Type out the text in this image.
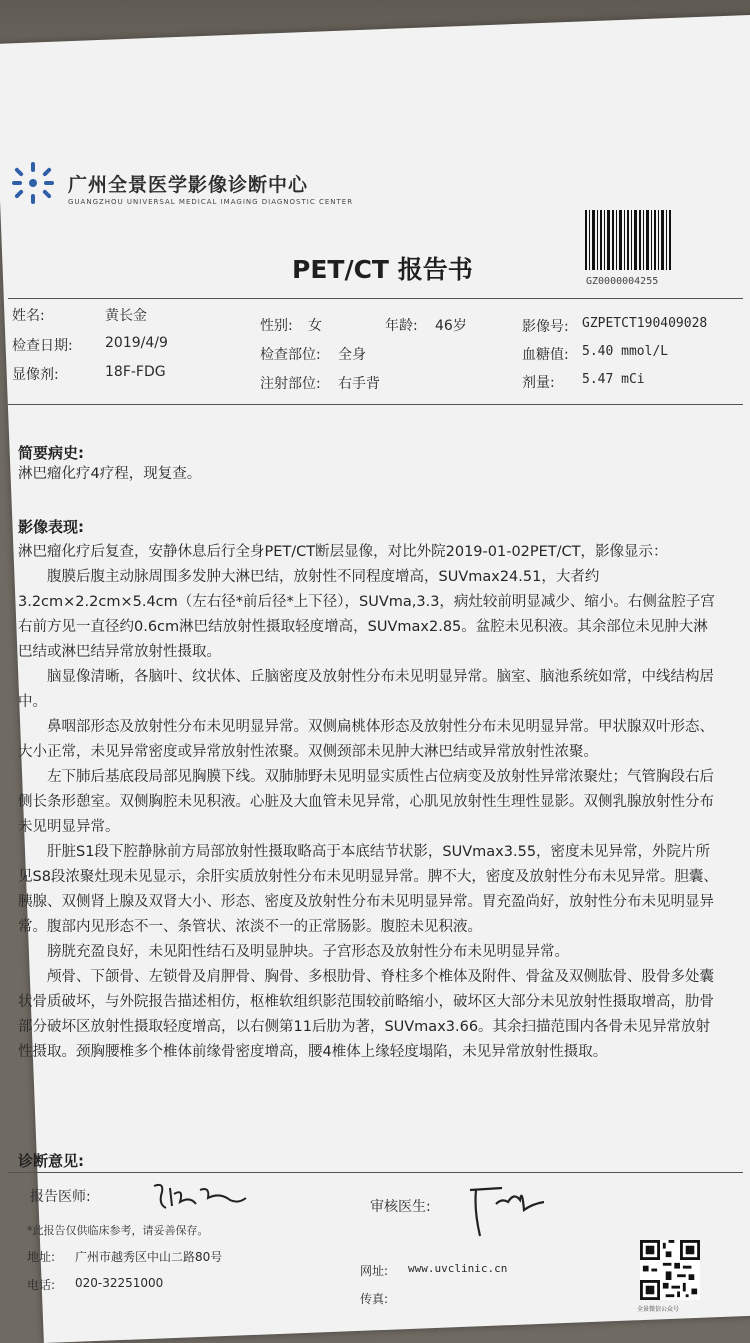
广州全景医学影像诊断中心
GUANGZHOU UNIVERSAL MEDICAL IMAGING DIAGNOSTIC CENTER
GZ0000004255
PET/CT 报告书
姓名:	黄长金
检查日期: 2019/4/9
显像剂:	18F-FDG
性别: 女	年龄: 46岁
检查部位: 全身
注射部位: 右手背
影像号: GZPETCT190409028
血糖值: 5.40 mmol/L
剂量: 5.47 mCi
简要病史:

淋巴瘤化疗4疗程，现复查。

影像表现:

淋巴瘤化疗后复查，安静休息后行全身PET/CT断层显像，对比外院2019-01-02PET/CT，影像显示：

腹膜后腹主动脉周围多发肿大淋巴结，放射性不同程度增高，SUVmax24.51，大者约3.2cm×2.2cm×5.4cm（左右径*前后径*上下径），SUVma,3.3，病灶较前明显减少、缩小。右侧盆腔子宫右前方见一直径约0.6cm淋巴结放射性摄取轻度增高，SUVmax2.85。盆腔未见积液。其余部位未见肿大淋巴结或淋巴结异常放射性摄取。

脑显像清晰，各脑叶、纹状体、丘脑密度及放射性分布未见明显异常。脑室、脑池系统如常，中线结构居中。

鼻咽部形态及放射性分布未见明显异常。双侧扁桃体形态及放射性分布未见明显异常。甲状腺双叶形态、大小正常，未见异常密度或异常放射性浓聚。双侧颈部未见肿大淋巴结或异常放射性浓聚。

左下肺后基底段局部见胸膜下线。双肺肺野未见明显实质性占位病变及放射性异常浓聚灶；气管胸段右后侧长条形憩室。双侧胸腔未见积液。心脏及大血管未见异常，心肌见放射性生理性显影。双侧乳腺放射性分布未见明显异常。

肝脏S1段下腔静脉前方局部放射性摄取略高于本底结节状影，SUVmax3.55，密度未见异常，外院片所见S8段浓聚灶现未见显示，余肝实质放射性分布未见明显异常。脾不大，密度及放射性分布未见异常。胆囊、胰腺、双侧肾上腺及双肾大小、形态、密度及放射性分布未见明显异常。胃充盈尚好，放射性分布未见明显异常。腹部内见形态不一、条管状、浓淡不一的正常肠影。腹腔未见积液。

膀胱充盈良好，未见阳性结石及明显肿块。子宫形态及放射性分布未见明显异常。

颅骨、下颌骨、左锁骨及肩胛骨、胸骨、多根肋骨、脊柱多个椎体及附件、骨盆及双侧肱骨、股骨多处囊状骨质破坏，与外院报告描述相仿，枢椎软组织影范围较前略缩小，破坏区大部分未见放射性摄取增高，肋骨部分破坏区放射性摄取轻度增高，以右侧第11后肋为著，SUVmax3.66。其余扫描范围内各骨未见异常放射性摄取。颈胸腰椎多个椎体前缘骨密度增高，腰4椎体上缘轻度塌陷，未见异常放射性摄取。

诊断意见:
报告医师:
审核医生:
*此报告仅供临床参考，请妥善保存。
地址: 广州市越秀区中山二路80号
电话: 020-32251000
网址: www.uvclinic.cn
传真:
全景微信公众号
